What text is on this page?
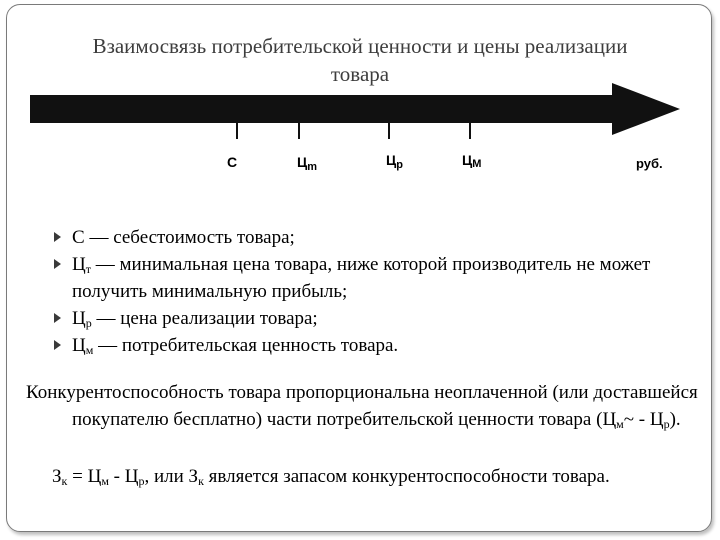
Взаимосвязь потребительской ценности и цены реализации
товара
С	$Ц_m$	$Ц_р$	ЦМ	руб.
С — себестоимость товара;
$Ц_т$ — минимальная цена товара, ниже которой производитель не может получить минимальную прибыль;
$Ц_р$ — цена реализации товара;
$Ц_м$ — потребительская ценность товара.
Конкурентоспособность товара пропорциональна неоплаченной (или доставшейся покупателю бесплатно) части потребительской ценности товара $(Ц_м\sim - Ц_р)$.
$З_к = Ц_м - Ц_р$, или $З_к$ является запасом конкурентоспособности товара.
